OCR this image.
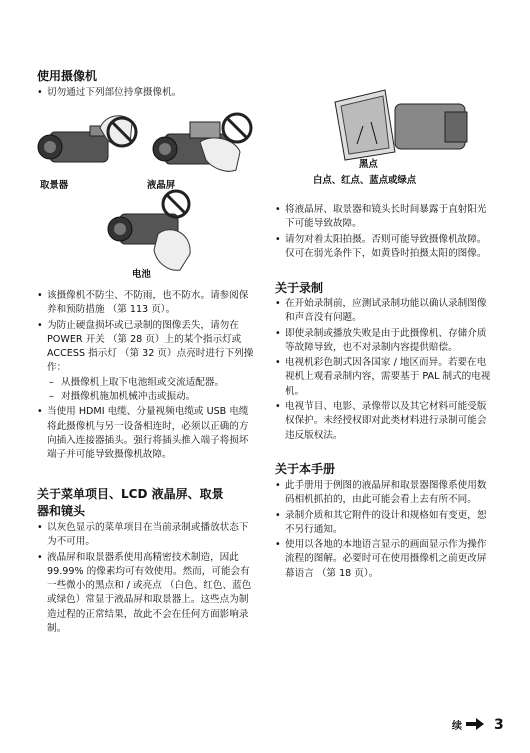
使用摄像机
• 切勿通过下列部位持拿摄像机。
取景器	液晶屏
电池
• 该摄像机不防尘、不防雨，也不防水。请参阅保养和预防措施 （第 113 页）。
• 为防止硬盘损坏或已录制的图像丢失，请勿在 POWER 开关 （第 28 页）上的某个指示灯或 ACCESS 指示灯 （第 32 页）点亮时进行下列操作：
– 从摄像机上取下电池组或交流适配器。
– 对摄像机施加机械冲击或振动。
• 当使用 HDMI 电缆、分量视频电缆或 USB 电缆将此摄像机与另一设备相连时，必须以正确的方向插入连接器插头。强行将插头推入端子将损坏端子并可能导致摄像机故障。
关于菜单项目、LCD 液晶屏、取景
器和镜头
• 以灰色显示的菜单项目在当前录制或播放状态下为不可用。
• 液晶屏和取景器系使用高精密技术制造，因此 99.99% 的像素均可有效使用。然而，可能会有一些微小的黑点和 / 或亮点 （白色、红色、蓝色或绿色）常显于液晶屏和取景器上。这些点为制造过程的正常结果，故此不会在任何方面影响录制。
黑点
白点、红点、蓝点或绿点
• 将液晶屏、取景器和镜头长时间暴露于直射阳光下可能导致故障。
• 请勿对着太阳拍摄。否则可能导致摄像机故障。仅可在弱光条件下，如黄昏时拍摄太阳的图像。
关于录制
• 在开始录制前，应测试录制功能以确认录制图像和声音没有问题。
• 即使录制或播放失败是由于此摄像机、存储介质等故障导致，也不对录制内容提供赔偿。
• 电视机彩色制式因各国家 / 地区而异。若要在电视机上观看录制内容，需要基于 PAL 制式的电视机。
• 电视节目、电影、录像带以及其它材料可能受版权保护。未经授权即对此类材料进行录制可能会违反版权法。
关于本手册
• 此手册用于例图的液晶屏和取景器图像系使用数码相机抓拍的，由此可能会看上去有所不同。
• 录制介质和其它附件的设计和规格如有变更，恕不另行通知。
• 使用以各地的本地语言显示的画面显示作为操作流程的图解。必要时可在使用摄像机之前更改屏幕语言 （第 18 页）。
续 3
